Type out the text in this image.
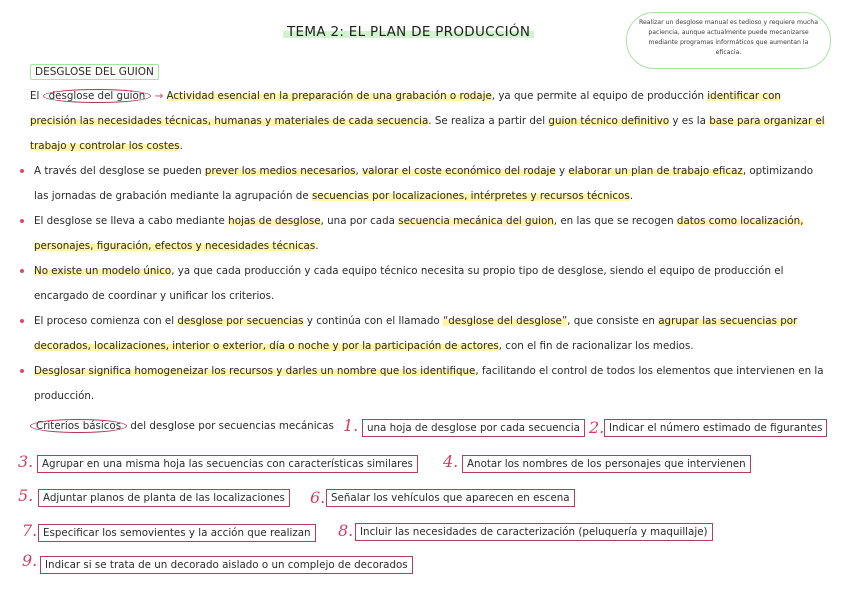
TEMA 2: EL PLAN DE PRODUCCIÓN
Realizar un desglose manual es tedioso y requiere mucha paciencia, aunque actualmente puede mecanizarse mediante programas informáticos que aumentan la eficacia.
DESGLOSE DEL GUION

El desglose del guion → Actividad esencial en la preparación de una grabación o rodaje, ya que permite al equipo de producción identificar con precisión las necesidades técnicas, humanas y materiales de cada secuencia. Se realiza a partir del guion técnico definitivo y es la base para organizar el trabajo y controlar los costes.

A través del desglose se pueden prever los medios necesarios, valorar el coste económico del rodaje y elaborar un plan de trabajo eficaz, optimizando las jornadas de grabación mediante la agrupación de secuencias por localizaciones, intérpretes y recursos técnicos.

El desglose se lleva a cabo mediante hojas de desglose, una por cada secuencia mecánica del guion, en las que se recogen datos como localización, personajes, figuración, efectos y necesidades técnicas.

No existe un modelo único, ya que cada producción y cada equipo técnico necesita su propio tipo de desglose, siendo el equipo de producción el encargado de coordinar y unificar los criterios.

El proceso comienza con el desglose por secuencias y continúa con el llamado “desglose del desglose”, que consiste en agrupar las secuencias por decorados, localizaciones, interior o exterior, día o noche y por la participación de actores, con el fin de racionalizar los medios.

Desglosar significa homogeneizar los recursos y darles un nombre que los identifique, facilitando el control de todos los elementos que intervienen en la producción.

Criterios básicos del desglose por secuencias mecánicas 1. una hoja de desglose por cada secuencia 2. Indicar el número estimado de figurantes
3. Agrupar en una misma hoja las secuencias con características similares	4. Anotar los nombres de los personajes que intervienen
5. Adjuntar planos de planta de las localizaciones	6. Señalar los vehículos que aparecen en escena
7. Especificar los semovientes y la acción que realizan	8. Incluir las necesidades de caracterización (peluquería y maquillaje)
9. Indicar si se trata de un decorado aislado o un complejo de decorados
